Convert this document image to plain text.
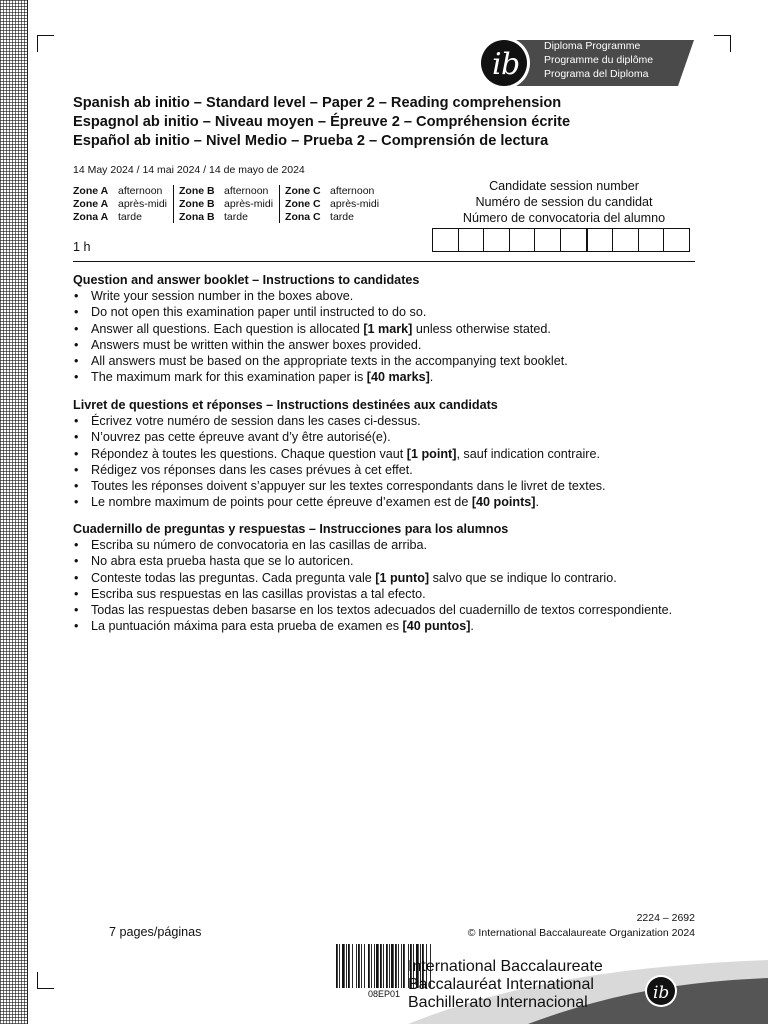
i b
Diploma Programme
Programme du diplôme
Programa del Diploma
Spanish ab initio – Standard level – Paper 2 – Reading comprehension
Espagnol ab initio – Niveau moyen – Épreuve 2 – Compréhension écrite
Español ab initio – Nivel Medio – Prueba 2 – Comprensión de lectura
14 May 2024 / 14 mai 2024 / 14 de mayo de 2024
Zone A afternoon
Zone A après-midi
Zona A tarde
Zone B afternoon
Zone B après-midi
Zona B tarde
Zone C afternoon
Zone C après-midi
Zona C tarde
Candidate session number
Numéro de session du candidat
Número de convocatoria del alumno
1 h
Question and answer booklet – Instructions to candidates
• Write your session number in the boxes above.
• Do not open this examination paper until instructed to do so.
• Answer all questions. Each question is allocated [1 mark] unless otherwise stated.
• Answers must be written within the answer boxes provided.
• All answers must be based on the appropriate texts in the accompanying text booklet.
• The maximum mark for this examination paper is [40 marks].
Livret de questions et réponses – Instructions destinées aux candidats
• Écrivez votre numéro de session dans les cases ci-dessus.
• N’ouvrez pas cette épreuve avant d’y être autorisé(e).
• Répondez à toutes les questions. Chaque question vaut [1 point], sauf indication contraire.
• Rédigez vos réponses dans les cases prévues à cet effet.
• Toutes les réponses doivent s’appuyer sur les textes correspondants dans le livret de textes.
• Le nombre maximum de points pour cette épreuve d’examen est de [40 points].
Cuadernillo de preguntas y respuestas – Instrucciones para los alumnos
• Escriba su número de convocatoria en las casillas de arriba.
• No abra esta prueba hasta que se lo autoricen.
• Conteste todas las preguntas. Cada pregunta vale [1 punto] salvo que se indique lo contrario.
• Escriba sus respuestas en las casillas provistas a tal efecto.
• Todas las respuestas deben basarse en los textos adecuados del cuadernillo de textos correspondiente.
• La puntuación máxima para esta prueba de examen es [40 puntos].
7 pages/páginas
2224 – 2692
© International Baccalaureate Organization 2024
08EP01	ib
International Baccalaureate
Baccalauréat International
Bachillerato Internacional
